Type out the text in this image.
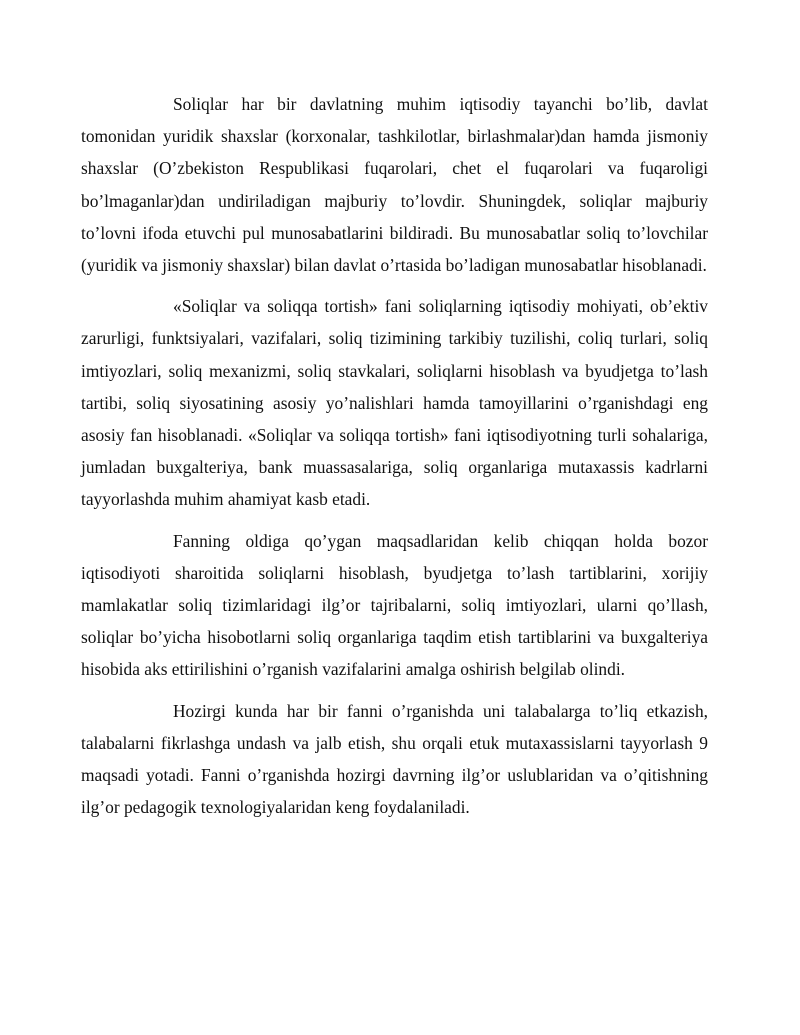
Soliqlar har bir davlatning muhim iqtisodiy tayanchi bo’lib, davlat tomonidan yuridik shaxslar (korxonalar, tashkilotlar, birlashmalar)dan hamda jismoniy shaxslar (O’zbekiston Respublikasi fuqarolari, chet el fuqarolari va fuqaroligi bo’lmaganlar)dan undiriladigan majburiy to’lovdir. Shuningdek, soliqlar majburiy to’lovni ifoda etuvchi pul munosabatlarini bildiradi. Bu munosabatlar soliq to’lovchilar (yuridik va jismoniy shaxslar) bilan davlat o’rtasida bo’ladigan munosabatlar hisoblanadi.

«Soliqlar va soliqqa tortish» fani soliqlarning iqtisodiy mohiyati, ob’ektiv zarurligi, funktsiyalari, vazifalari, soliq tizimining tarkibiy tuzilishi, coliq turlari, soliq imtiyozlari, soliq mexanizmi, soliq stavkalari, soliqlarni hisoblash va byudjetga to’lash tartibi, soliq siyosatining asosiy yo’nalishlari hamda tamoyillarini o’rganishdagi eng asosiy fan hisoblanadi. «Soliqlar va soliqqa tortish» fani iqtisodiyotning turli sohalariga, jumladan buxgalteriya, bank muassasalariga, soliq organlariga mutaxassis kadrlarni tayyorlashda muhim ahamiyat kasb etadi.

Fanning oldiga qo’ygan maqsadlaridan kelib chiqqan holda bozor iqtisodiyoti sharoitida soliqlarni hisoblash, byudjetga to’lash tartiblarini, xorijiy mamlakatlar soliq tizimlaridagi ilg’or tajribalarni, soliq imtiyozlari, ularni qo’llash, soliqlar bo’yicha hisobotlarni soliq organlariga taqdim etish tartiblarini va buxgalteriya hisobida aks ettirilishini o’rganish vazifalarini amalga oshirish belgilab olindi.

Hozirgi kunda har bir fanni o’rganishda uni talabalarga to’liq etkazish, talabalarni fikrlashga undash va jalb etish, shu orqali etuk mutaxassislarni tayyorlash 9 maqsadi yotadi. Fanni o’rganishda hozirgi davrning ilg’or uslublaridan va o’qitishning ilg’or pedagogik texnologiyalaridan keng foydalaniladi.
